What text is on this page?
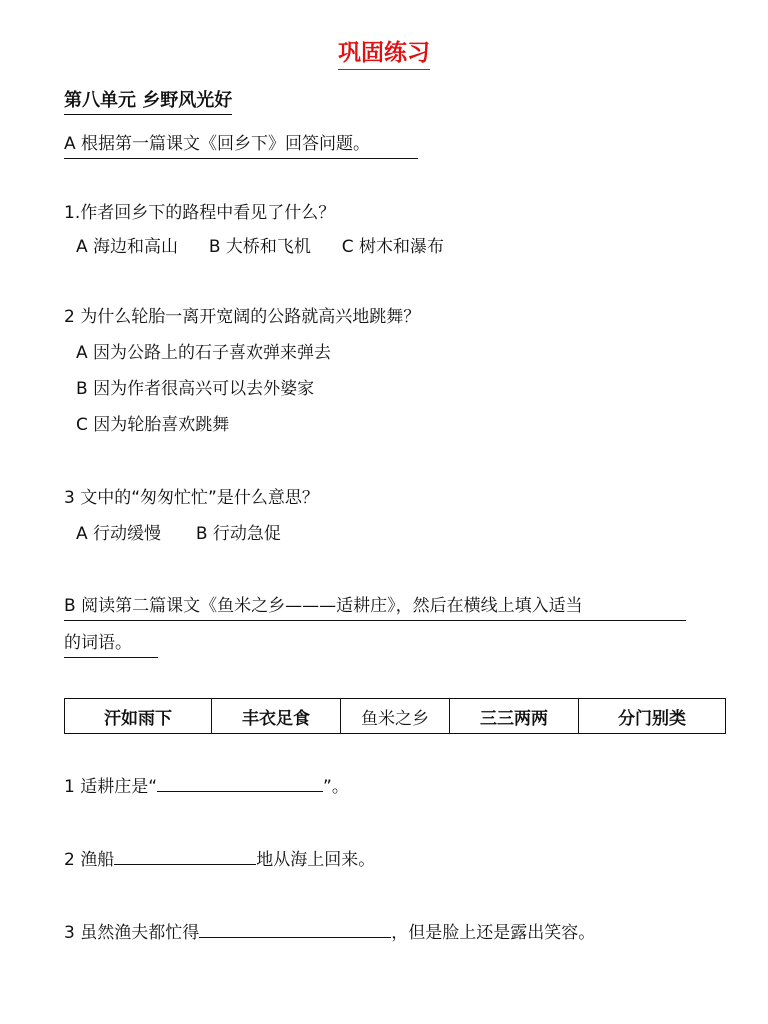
巩固练习
第八单元 乡野风光好
A 根据第一篇课文《回乡下》回答问题。
1.作者回乡下的路程中看见了什么？
A 海边和高山 B 大桥和飞机 C 树木和瀑布
2 为什么轮胎一离开宽阔的公路就高兴地跳舞？
A 因为公路上的石子喜欢弹来弹去
B 因为作者很高兴可以去外婆家
C 因为轮胎喜欢跳舞
3 文中的“匆匆忙忙”是什么意思？
A 行动缓慢 B 行动急促
B 阅读第二篇课文《鱼米之乡———适耕庄》，然后在横线上填入适当
的词语。
汗如雨下	丰衣足食	鱼米之乡	三三两两	分门别类
1 适耕庄是“	”。
2 渔船	地从海上回来。
3 虽然渔夫都忙得	，但是脸上还是露出笑容。
